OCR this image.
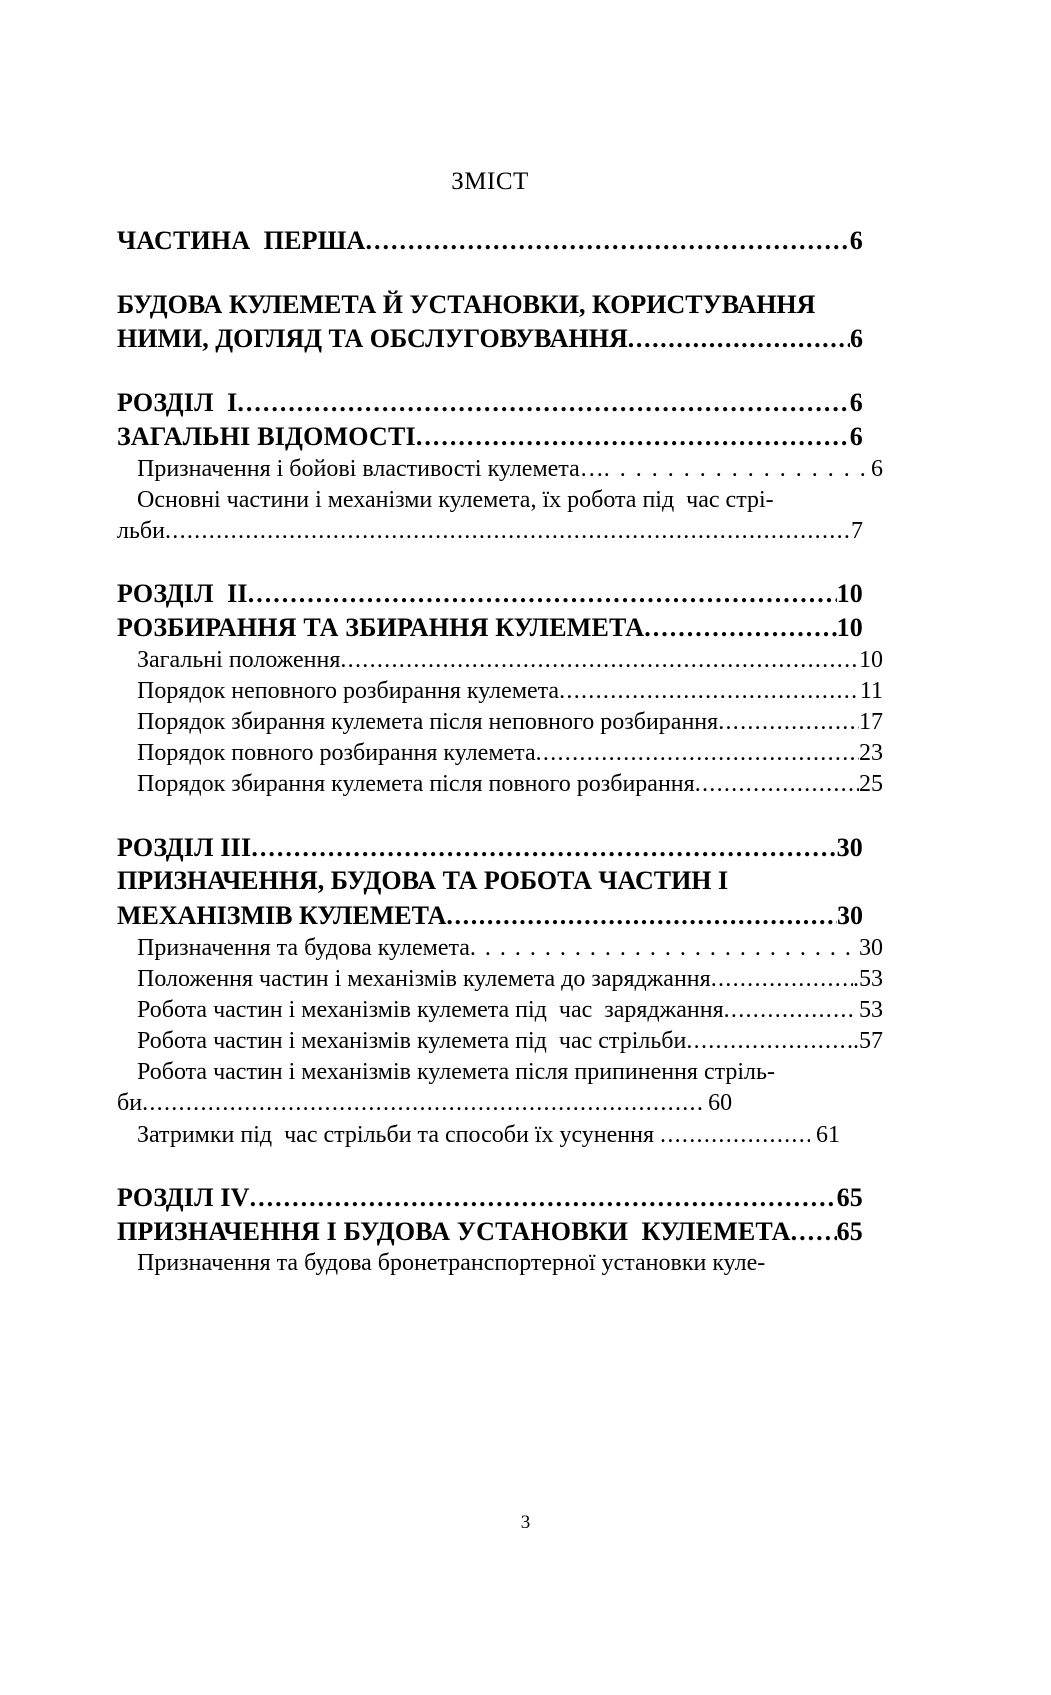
ЗМІСТ
ЧАСТИНА  ПЕРША .....	6
БУДОВА КУЛЕМЕТА Й УСТАНОВКИ, КОРИСТУВАННЯ
НИМИ, ДОГЛЯД ТА ОБСЛУГОВУВАННЯ .....	6
РОЗДІЛ  І .....	6
ЗАГАЛЬНІ ВІДОМОСТІ .....	6
Призначення і бойові властивості кулемета… .....	6
Основні частини і механізми кулемета, їх робота під  час стрі-
льби .....	7
РОЗДІЛ  ІІ .....	10
РОЗБИРАННЯ ТА ЗБИРАННЯ КУЛЕМЕТА .....	10
Загальні положення .....	10
Порядок неповного розбирання кулемета .....	11
Порядок збирання кулемета після неповного розбирання .....	17
Порядок повного розбирання кулемета .....	23
Порядок збирання кулемета після повного розбирання .....	25
РОЗДІЛ ІІІ .....	30
ПРИЗНАЧЕННЯ, БУДОВА ТА РОБОТА ЧАСТИН І
МЕХАНІЗМІВ КУЛЕМЕТА .....	30
Призначення та будова кулемета .....	30
Положення частин і механізмів кулемета до заряджання .....	.53
Робота частин і механізмів кулемета під  час  заряджання .....	53
Робота частин і механізмів кулемета під  час стрільби .....	.57
Робота частин і механізмів кулемета після припинення стріль-
би .....	60
Затримки під  час стрільби та способи їх усунення .....	61
РОЗДІЛ ІV .....	65
ПРИЗНАЧЕННЯ І БУДОВА УСТАНОВКИ  КУЛЕМЕТА ..... 65
Призначення та будова бронетранспортерної установки куле-
3
